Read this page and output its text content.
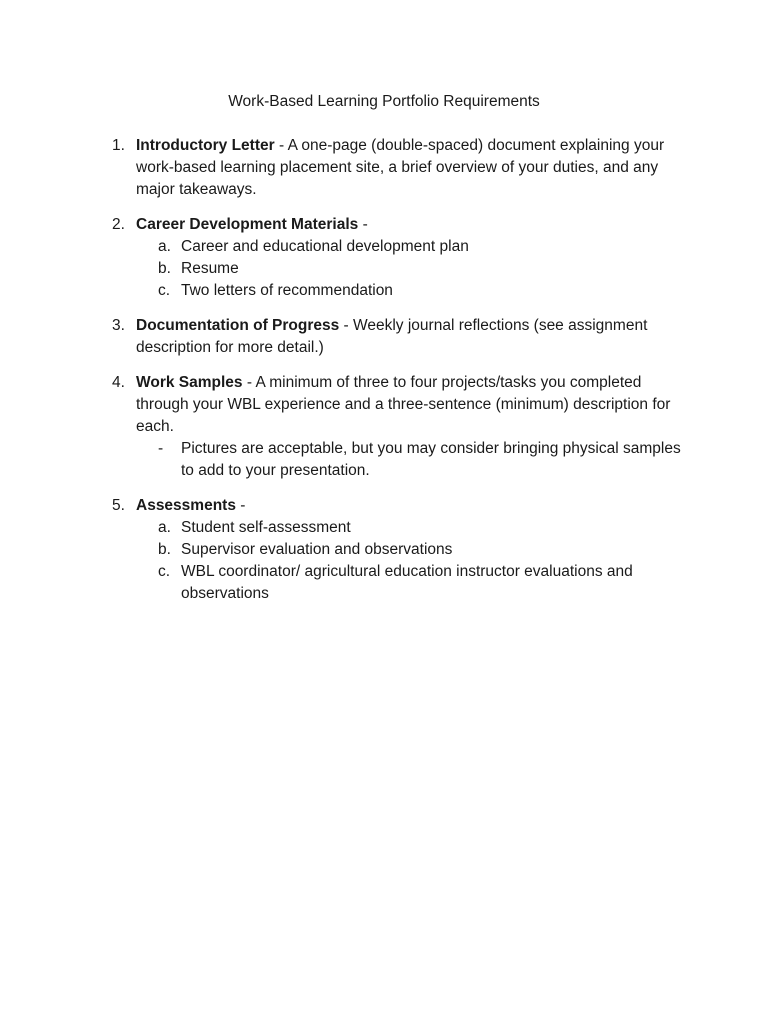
Work-Based Learning Portfolio Requirements
1. Introductory Letter - A one-page (double-spaced) document explaining your work-based learning placement site, a brief overview of your duties, and any major takeaways.
2. Career Development Materials -
a. Career and educational development plan
b. Resume
c. Two letters of recommendation
3. Documentation of Progress - Weekly journal reflections (see assignment description for more detail.)
4. Work Samples - A minimum of three to four projects/tasks you completed through your WBL experience and a three-sentence (minimum) description for each.
- Pictures are acceptable, but you may consider bringing physical samples to add to your presentation.
5. Assessments -
a. Student self-assessment
b. Supervisor evaluation and observations
c. WBL coordinator/ agricultural education instructor evaluations and observations
